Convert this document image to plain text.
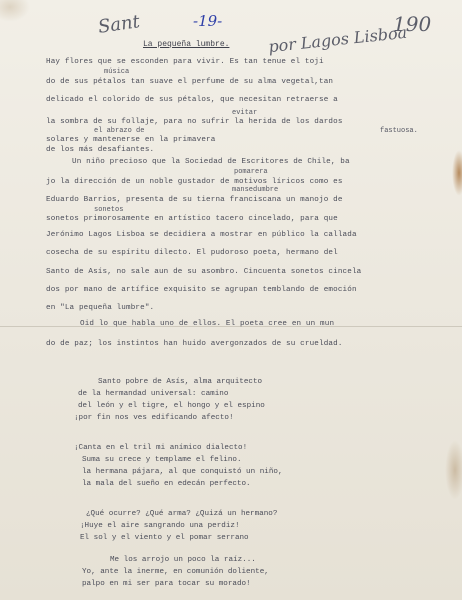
Sant	-19-
por Lagos Lisboa
190
La pequeña lumbre.
Hay flores que se esconden para vivir. Es tan tenue el toji
música
do de sus pétalos tan suave el perfume de su alma vegetal,tan
delicado el colorido de sus pétalos, que necesitan retraerse a
evitar
la sombra de su follaje, para no sufrir la herida de los dardos
el abrazo de	fastuosa.
solares y mantenerse en la primavera
de los más desafiantes.
Un niño precioso que la Sociedad de Escritores de Chile, ba
pomarera
jo la dirección de un noble gustador de motivos líricos como es
mansedumbre
Eduardo Barrios, presenta de su tierna franciscana un manojo de
sonetos
sonetos primorosamente en artístico tacero cincelado, para que
Jerónimo Lagos Lisboa se decidiera a mostrar en público la callada
cosecha de su espíritu dilecto. El pudoroso poeta, hermano del
Santo de Asís, no sale aun de su asombro. Cincuenta sonetos cincela
dos por mano de artífice exquisito se agrupan temblando de emoción
en "La pequeña lumbre".
Oid lo que habla uno de ellos. El poeta cree en un mun
do de paz; los instintos han huido avergonzados de su crueldad.
Santo pobre de Asís, alma arquitecto
de la hermandad universal: camino
del león y el tigre, el hongo y el espino
¡por fin nos ves edificando afecto!
¡Canta en el tril mi anímico dialecto!
Suma su crece y templame el felino.
la hermana pájara, al que conquistó un niño,
la mala del sueño en edecán perfecto.
¿Qué ocurre? ¿Qué arma? ¿Quizá un hermano?
¡Huye el aire sangrando una perdiz!
El sol y el viento y el pomar serrano
Me los arrojo un poco la raíz...
Yo, ante la inerme, en comunión doliente,
palpo en mi ser para tocar su morado!
